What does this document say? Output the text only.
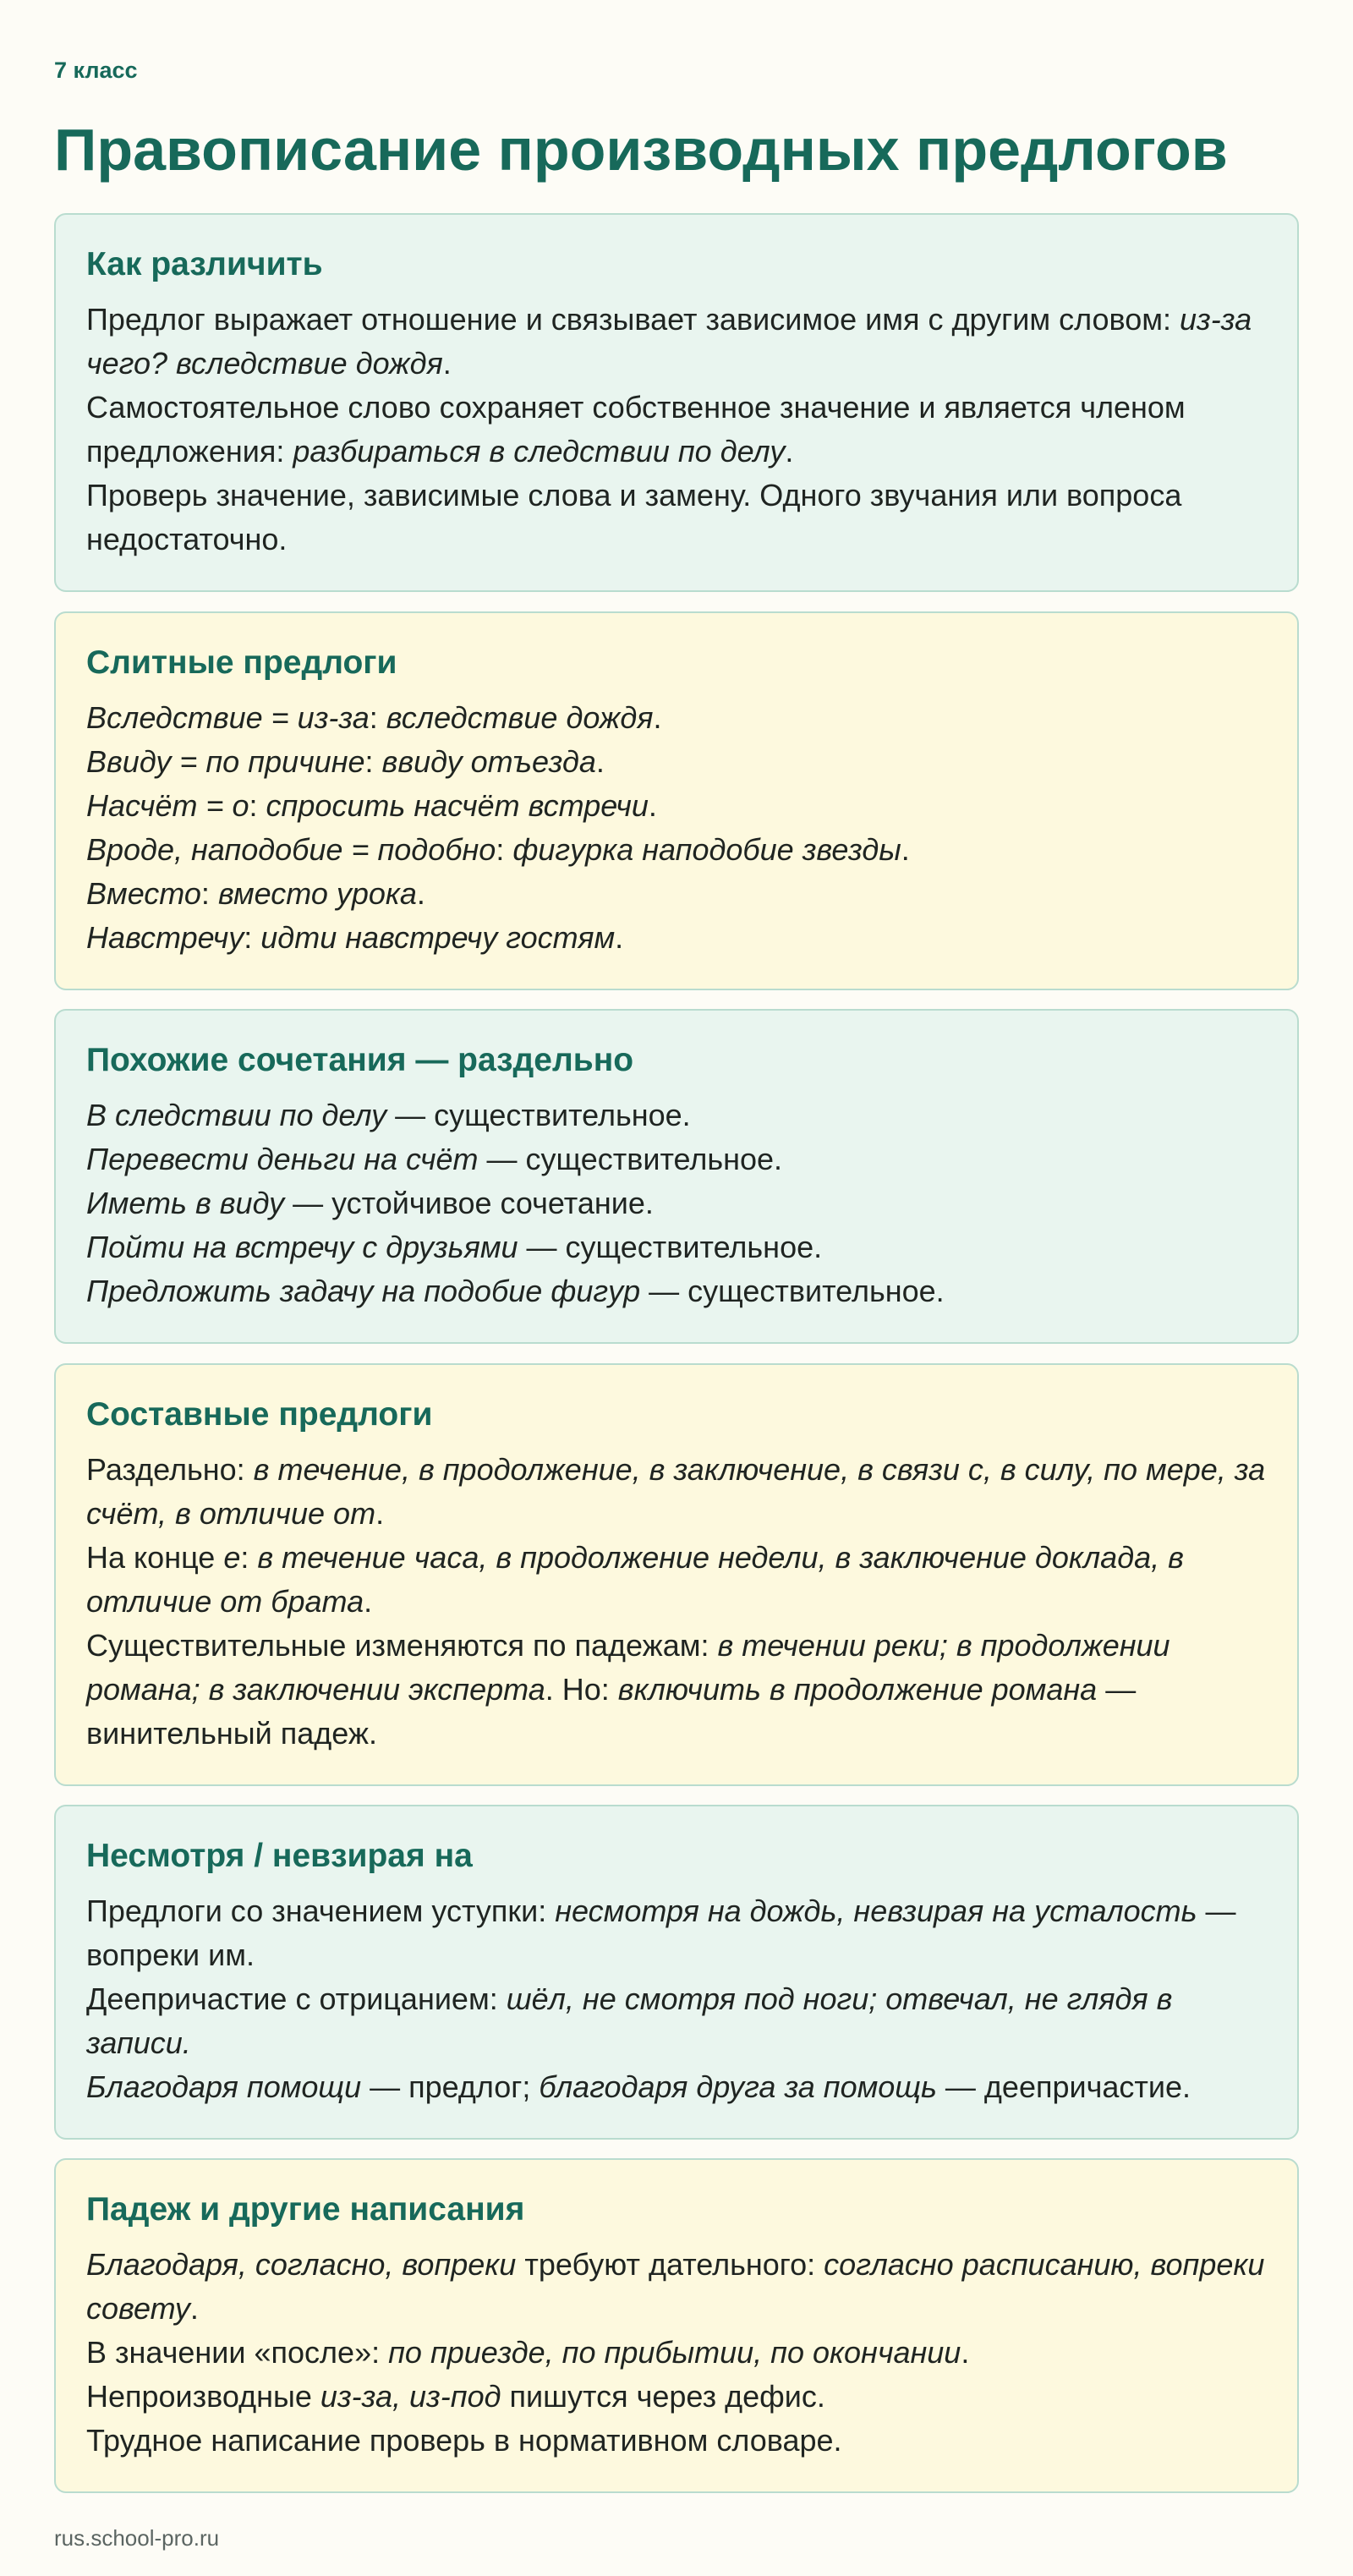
7 класс
Правописание производных предлогов
Как различить

Предлог выражает отношение и связывает зависимое имя с другим словом: из-за чего? вследствие дождя.

Самостоятельное слово сохраняет собственное значение и является членом предложения: разбираться в следствии по делу.

Проверь значение, зависимые слова и замену. Одного звучания или вопроса недостаточно.

Слитные предлоги

Вследствие = из-за: вследствие дождя.

Ввиду = по причине: ввиду отъезда.

Насчёт = о: спросить насчёт встречи.

Вроде, наподобие = подобно: фигурка наподобие звезды.

Вместо: вместо урока.

Навстречу: идти навстречу гостям.

Похожие сочетания — раздельно

В следствии по делу — существительное.

Перевести деньги на счёт — существительное.

Иметь в виду — устойчивое сочетание.

Пойти на встречу с друзьями — существительное.

Предложить задачу на подобие фигур — существительное.

Составные предлоги

Раздельно: в течение, в продолжение, в заключение, в связи с, в силу, по мере, за счёт, в отличие от.

На конце е: в течение часа, в продолжение недели, в заключение доклада, в отличие от брата.

Существительные изменяются по падежам: в течении реки; в продолжении романа; в заключении эксперта. Но: включить в продолжение романа — винительный падеж.

Несмотря / невзирая на

Предлоги со значением уступки: несмотря на дождь, невзирая на усталость — вопреки им.

Деепричастие с отрицанием: шёл, не смотря под ноги; отвечал, не глядя в записи.

Благодаря помощи — предлог; благодаря друга за помощь — деепричастие.

Падеж и другие написания

Благодаря, согласно, вопреки требуют дательного: согласно расписанию, вопреки совету.

В значении «после»: по приезде, по прибытии, по окончании.

Непроизводные из-за, из-под пишутся через дефис.

Трудное написание проверь в нормативном словаре.

rus.school-pro.ru
